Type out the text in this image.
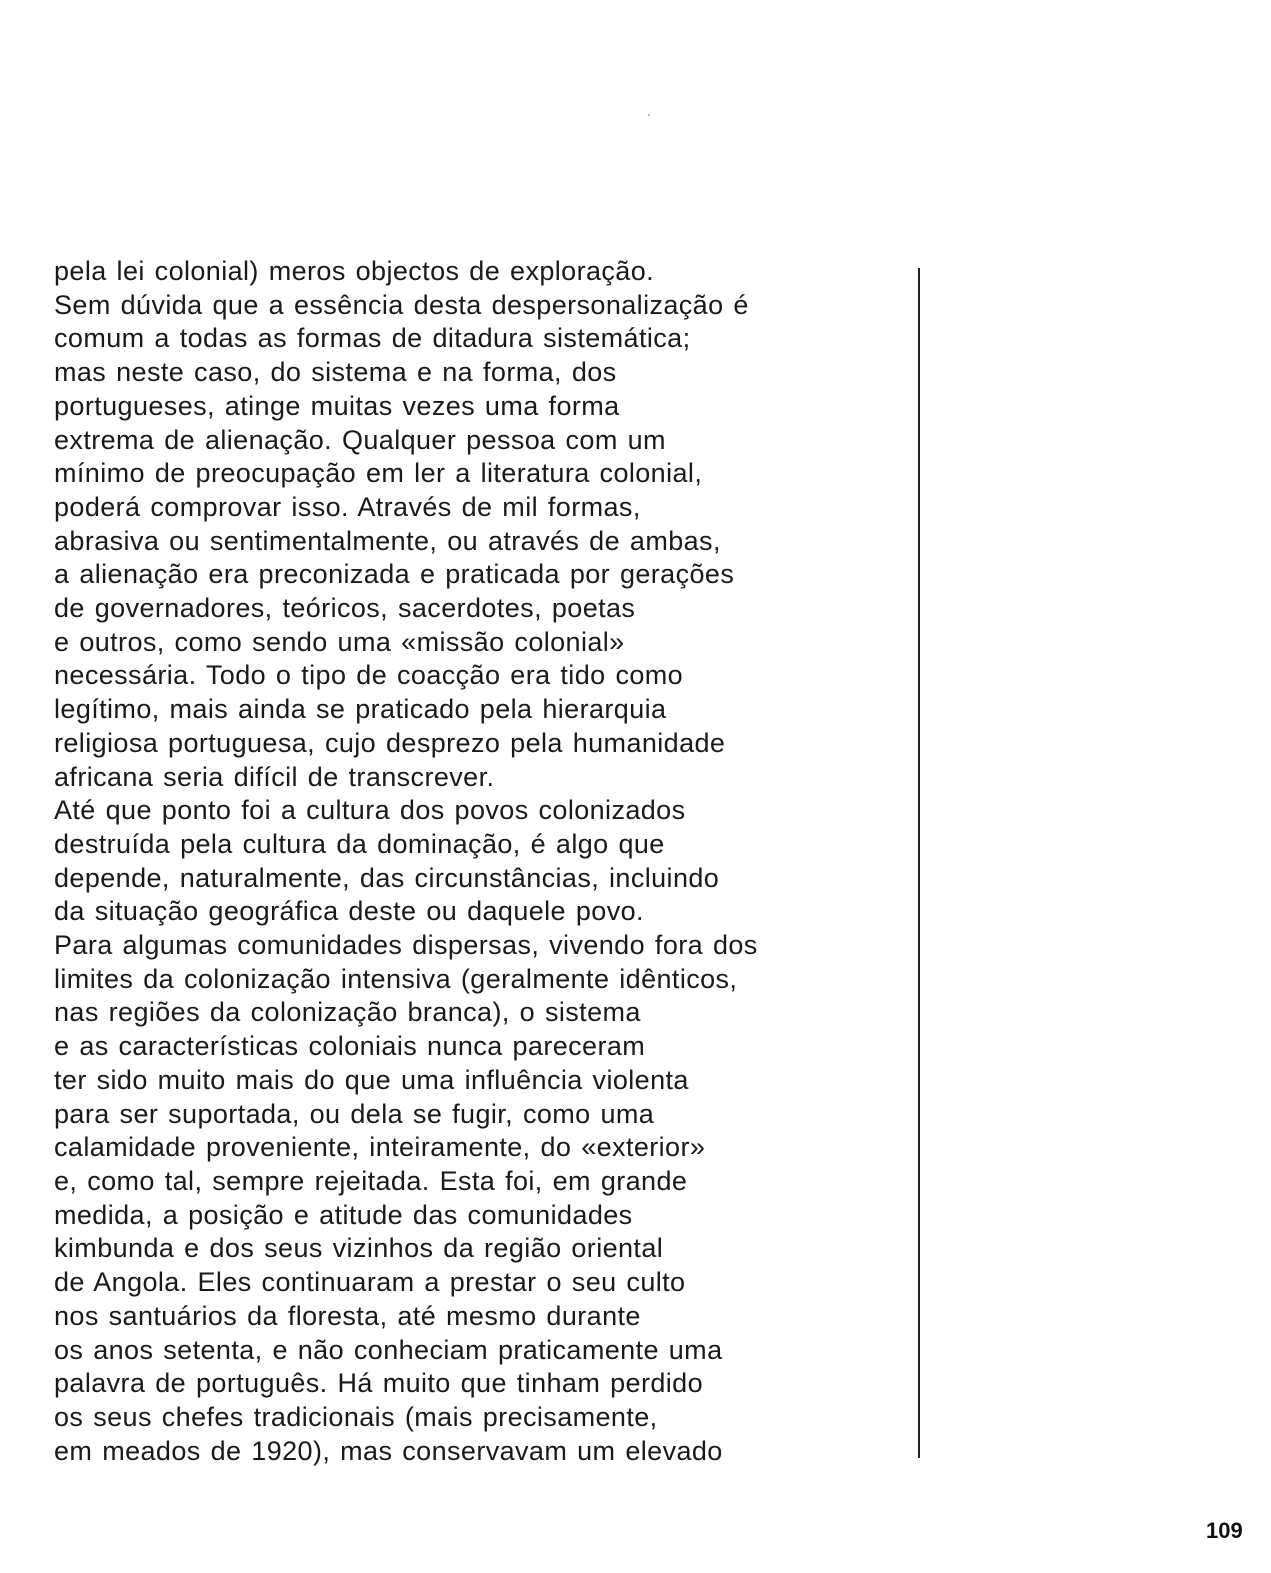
pela lei colonial) meros objectos de exploração.
Sem dúvida que a essência desta despersonalização é
comum a todas as formas de ditadura sistemática;
mas neste caso, do sistema e na forma, dos
portugueses, atinge muitas vezes uma forma
extrema de alienação. Qualquer pessoa com um
mínimo de preocupação em ler a literatura colonial,
poderá comprovar isso. Através de mil formas,
abrasiva ou sentimentalmente, ou através de ambas,
a alienação era preconizada e praticada por gerações
de governadores, teóricos, sacerdotes, poetas
e outros, como sendo uma «missão colonial»
necessária. Todo o tipo de coacção era tido como
legítimo, mais ainda se praticado pela hierarquia
religiosa portuguesa, cujo desprezo pela humanidade
africana seria difícil de transcrever.
Até que ponto foi a cultura dos povos colonizados
destruída pela cultura da dominação, é algo que
depende, naturalmente, das circunstâncias, incluindo
da situação geográfica deste ou daquele povo.
Para algumas comunidades dispersas, vivendo fora dos
limites da colonização intensiva (geralmente idênticos,
nas regiões da colonização branca), o sistema
e as características coloniais nunca pareceram
ter sido muito mais do que uma influência violenta
para ser suportada, ou dela se fugir, como uma
calamidade proveniente, inteiramente, do «exterior»
e, como tal, sempre rejeitada. Esta foi, em grande
medida, a posição e atitude das comunidades
kimbunda e dos seus vizinhos da região oriental
de Angola. Eles continuaram a prestar o seu culto
nos santuários da floresta, até mesmo durante
os anos setenta, e não conheciam praticamente uma
palavra de português. Há muito que tinham perdido
os seus chefes tradicionais (mais precisamente,
em meados de 1920), mas conservavam um elevado
109
